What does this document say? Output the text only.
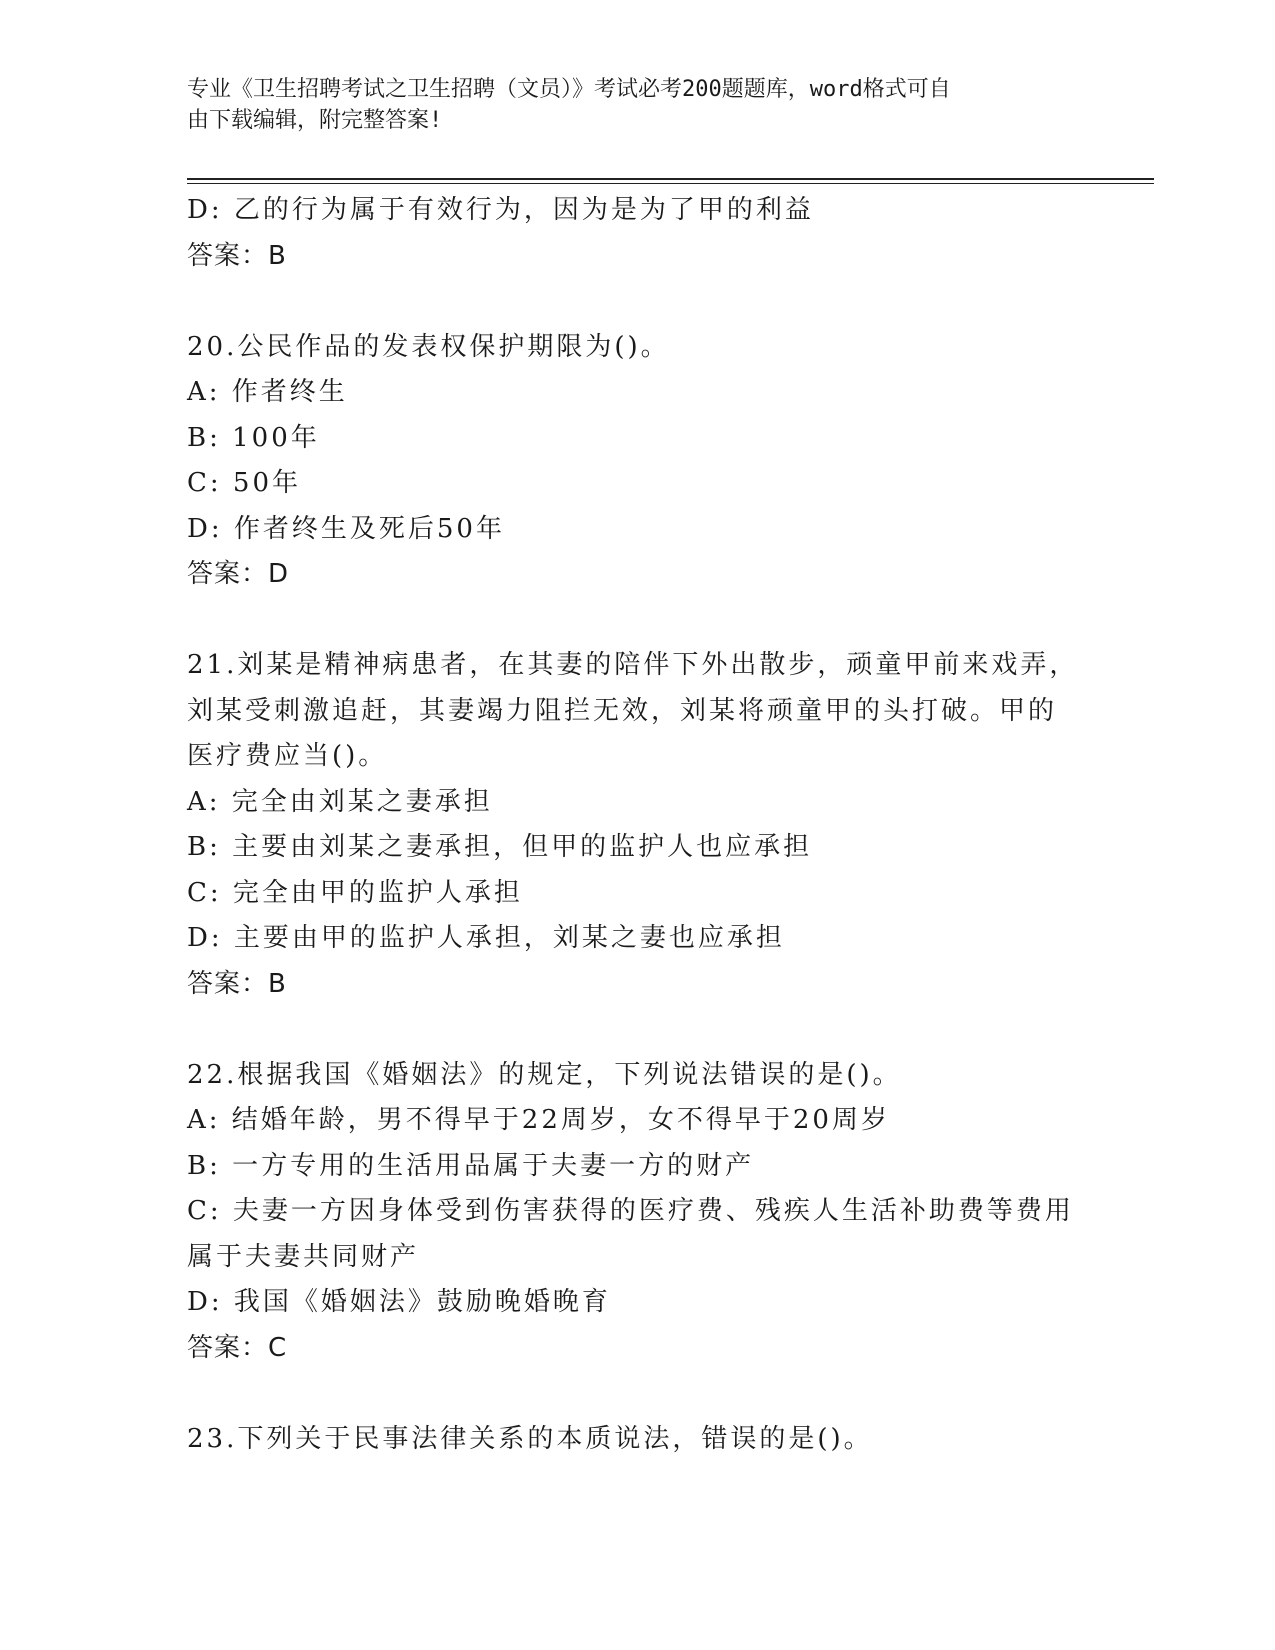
专业《卫生招聘考试之卫生招聘（文员）》考试必考200题题库，word格式可自
由下载编辑，附完整答案!
D: 乙的行为属于有效行为，因为是为了甲的利益
答案：B
20.公民作品的发表权保护期限为()。
A: 作者终生
B: 100年
C: 50年
D: 作者终生及死后50年
答案：D
21.刘某是精神病患者，在其妻的陪伴下外出散步，顽童甲前来戏弄，
刘某受刺激追赶，其妻竭力阻拦无效，刘某将顽童甲的头打破。甲的
医疗费应当()。
A: 完全由刘某之妻承担
B: 主要由刘某之妻承担，但甲的监护人也应承担
C: 完全由甲的监护人承担
D: 主要由甲的监护人承担，刘某之妻也应承担
答案：B
22.根据我国《婚姻法》的规定，下列说法错误的是()。
A: 结婚年龄，男不得早于22周岁，女不得早于20周岁
B: 一方专用的生活用品属于夫妻一方的财产
C: 夫妻一方因身体受到伤害获得的医疗费、残疾人生活补助费等费用
属于夫妻共同财产
D: 我国《婚姻法》鼓励晚婚晚育
答案：C
23.下列关于民事法律关系的本质说法，错误的是()。
